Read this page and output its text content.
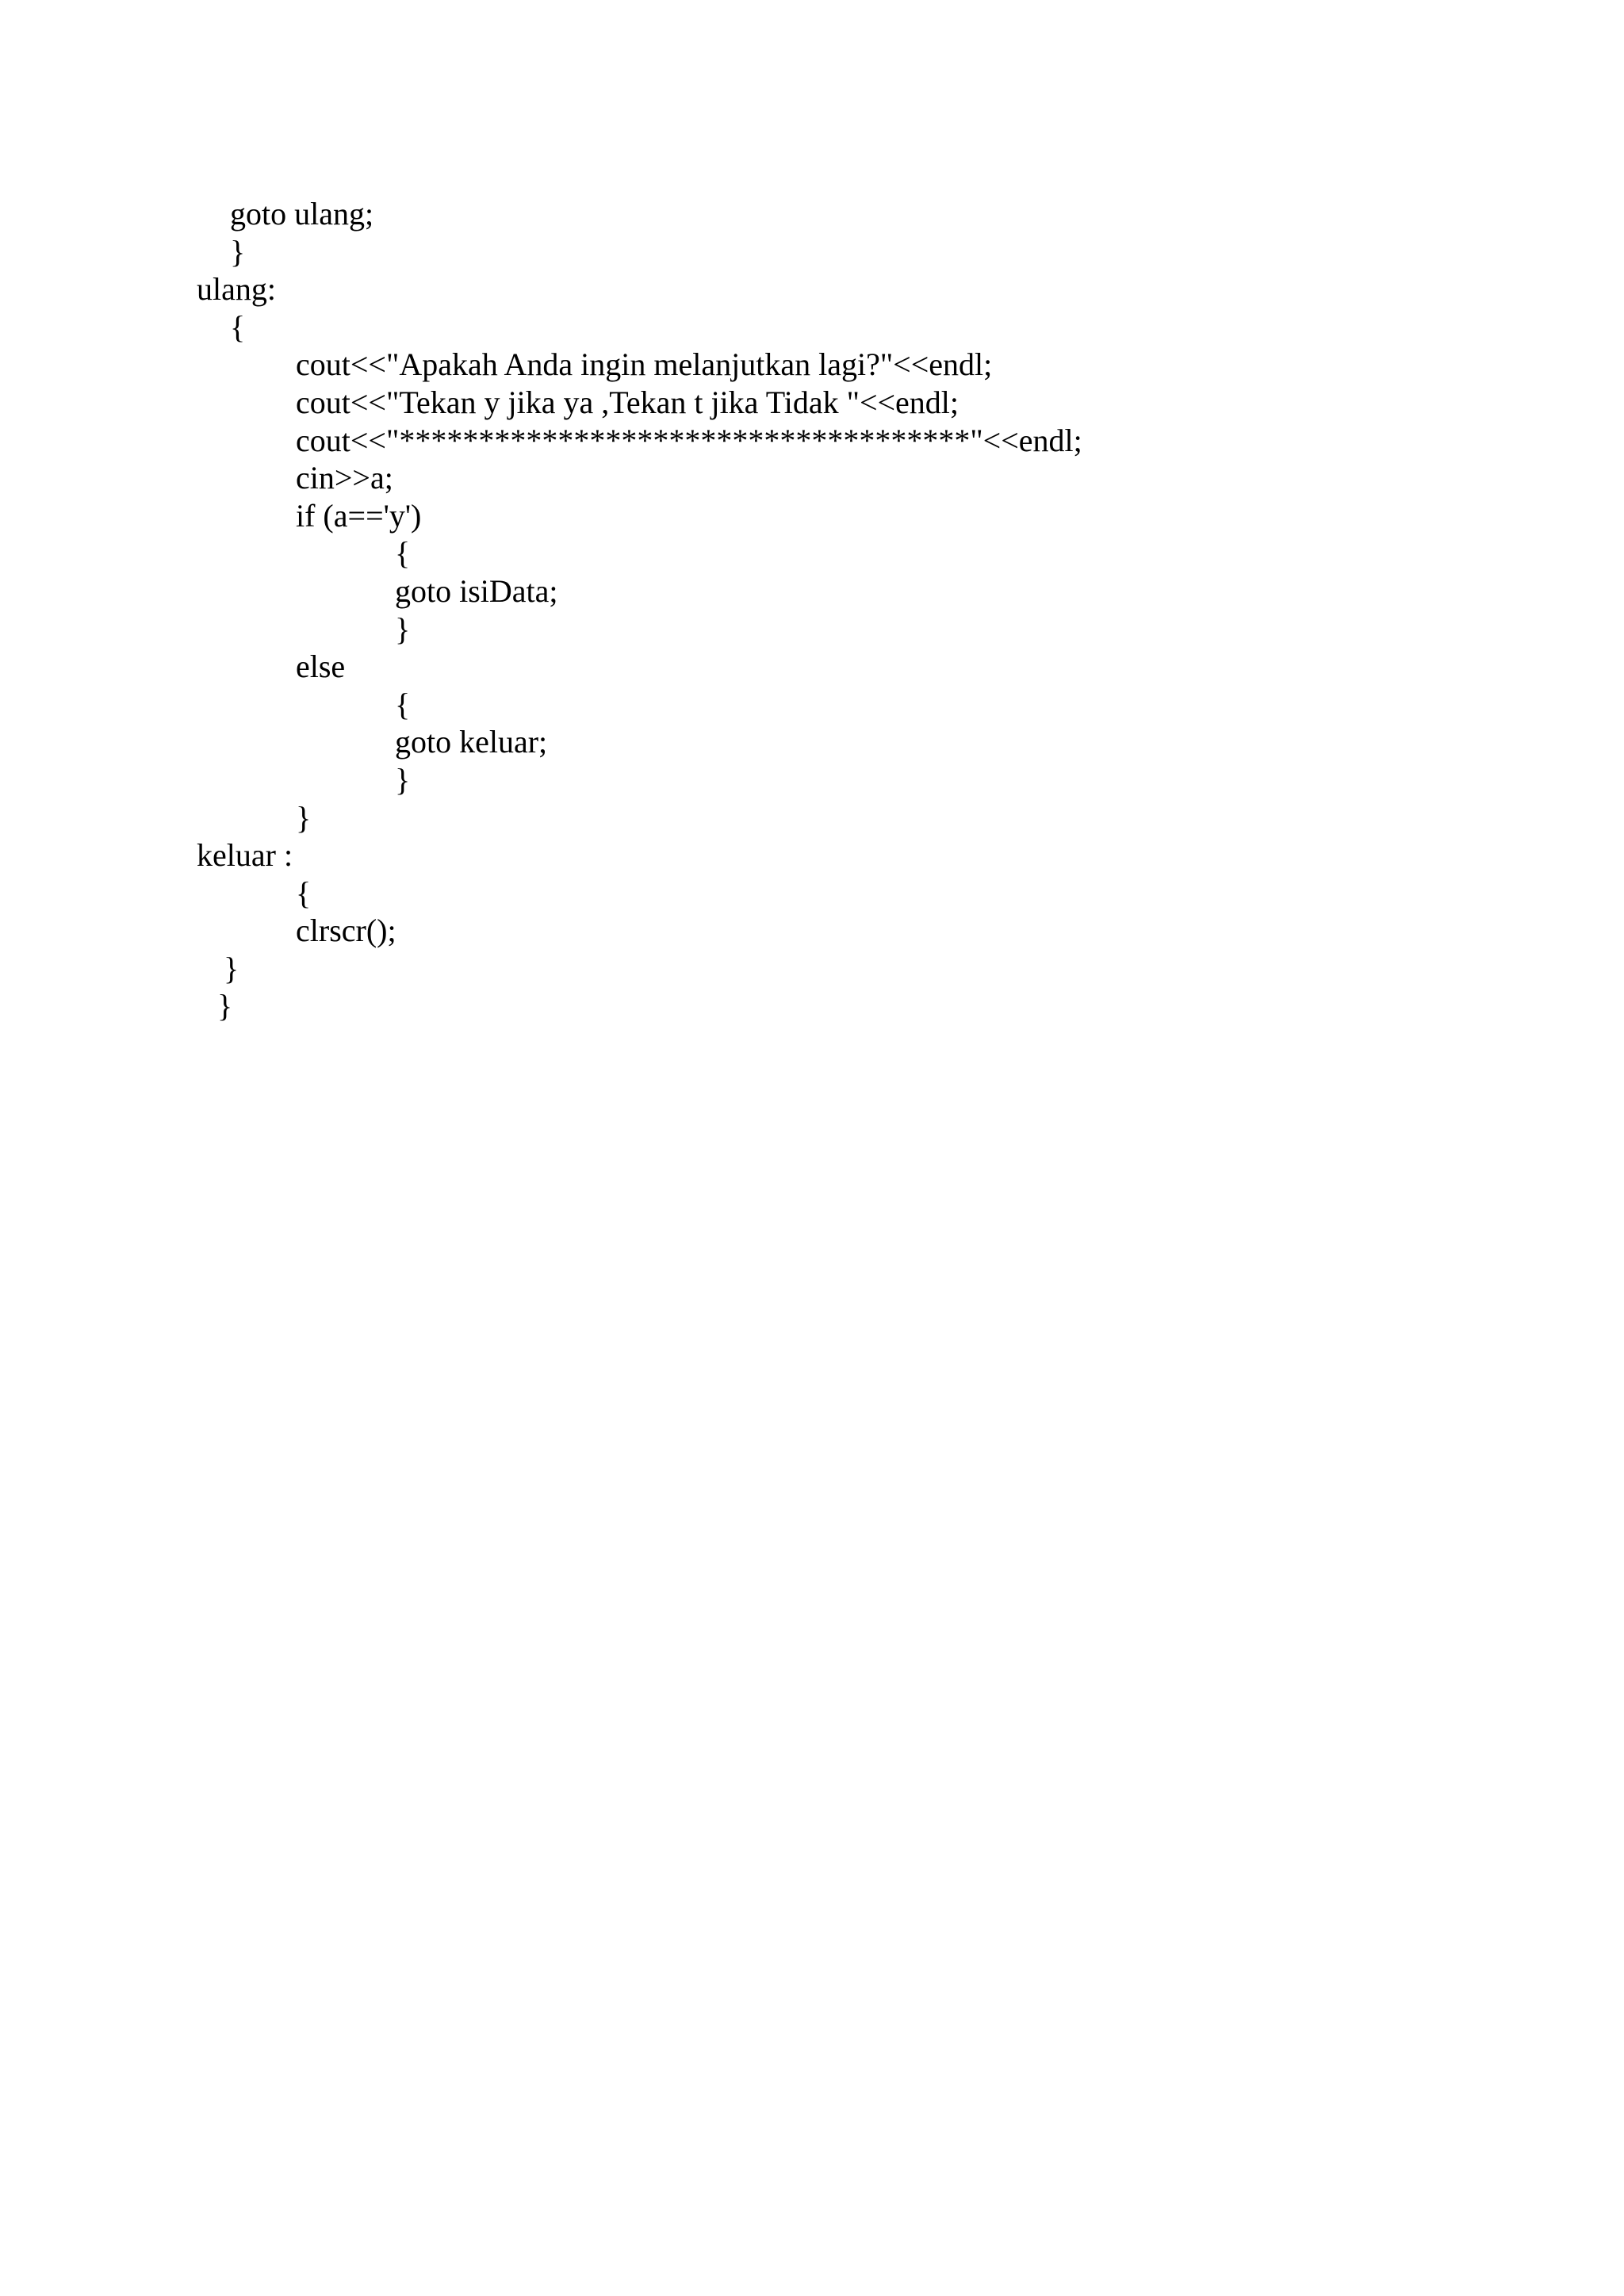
goto ulang;
}
ulang:
{
cout<<"Apakah Anda ingin melanjutkan lagi?"<<endl;
cout<<"Tekan y jika ya ,Tekan t jika Tidak "<<endl;
cout<<"************************************"<<endl;
cin>>a;
if (a=='y')
{
goto isiData;
}
else
{
goto keluar;
}
}
keluar :
{
clrscr();
}
}
